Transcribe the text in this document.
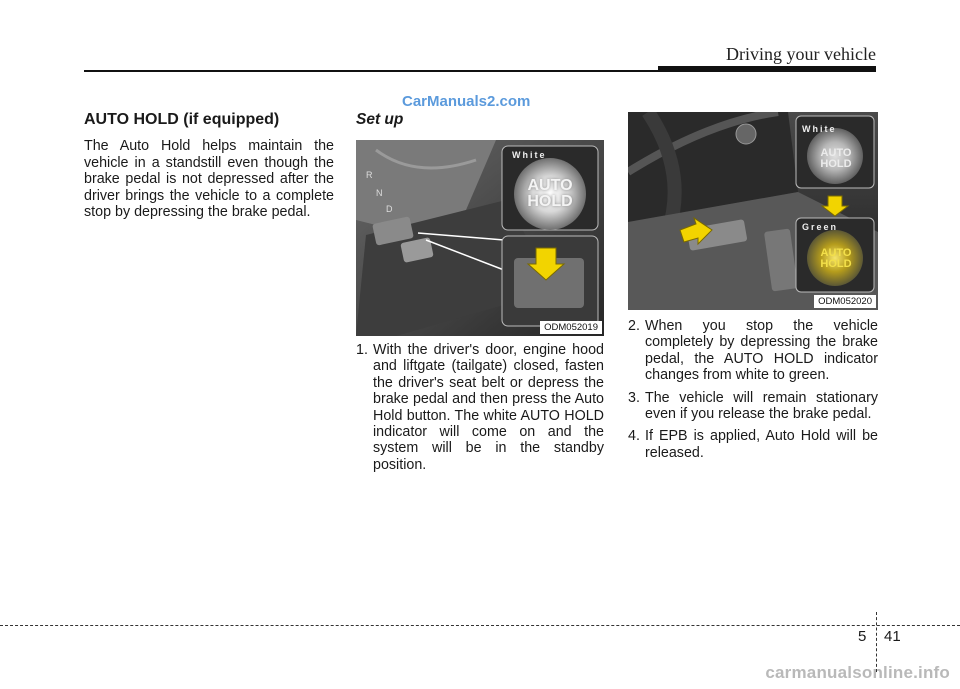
Driving your vehicle
CarManuals2.com
carmanualsonline.info
AUTO HOLD (if equipped)

The Auto Hold helps maintain the vehicle in a standstill even though the brake pedal is not depressed after the driver brings the vehicle to a complete stop by depressing the brake pedal.

Set up
R
N
D
White
AUTO
HOLD
ODM052019
1. With the driver's door, engine hood and liftgate (tailgate) closed, fasten the driver's seat belt or depress the brake pedal and then press the Auto Hold button. The white AUTO HOLD indicator will come on and the system will be in the standby position.
White
AUTO
HOLD
Green
AUTO
HOLD
ODM052020
2. When you stop the vehicle completely by depressing the brake pedal, the AUTO HOLD indicator changes from white to green.
3. The vehicle will remain stationary even if you release the brake pedal.
4. If EPB is applied, Auto Hold will be released.
5 41
